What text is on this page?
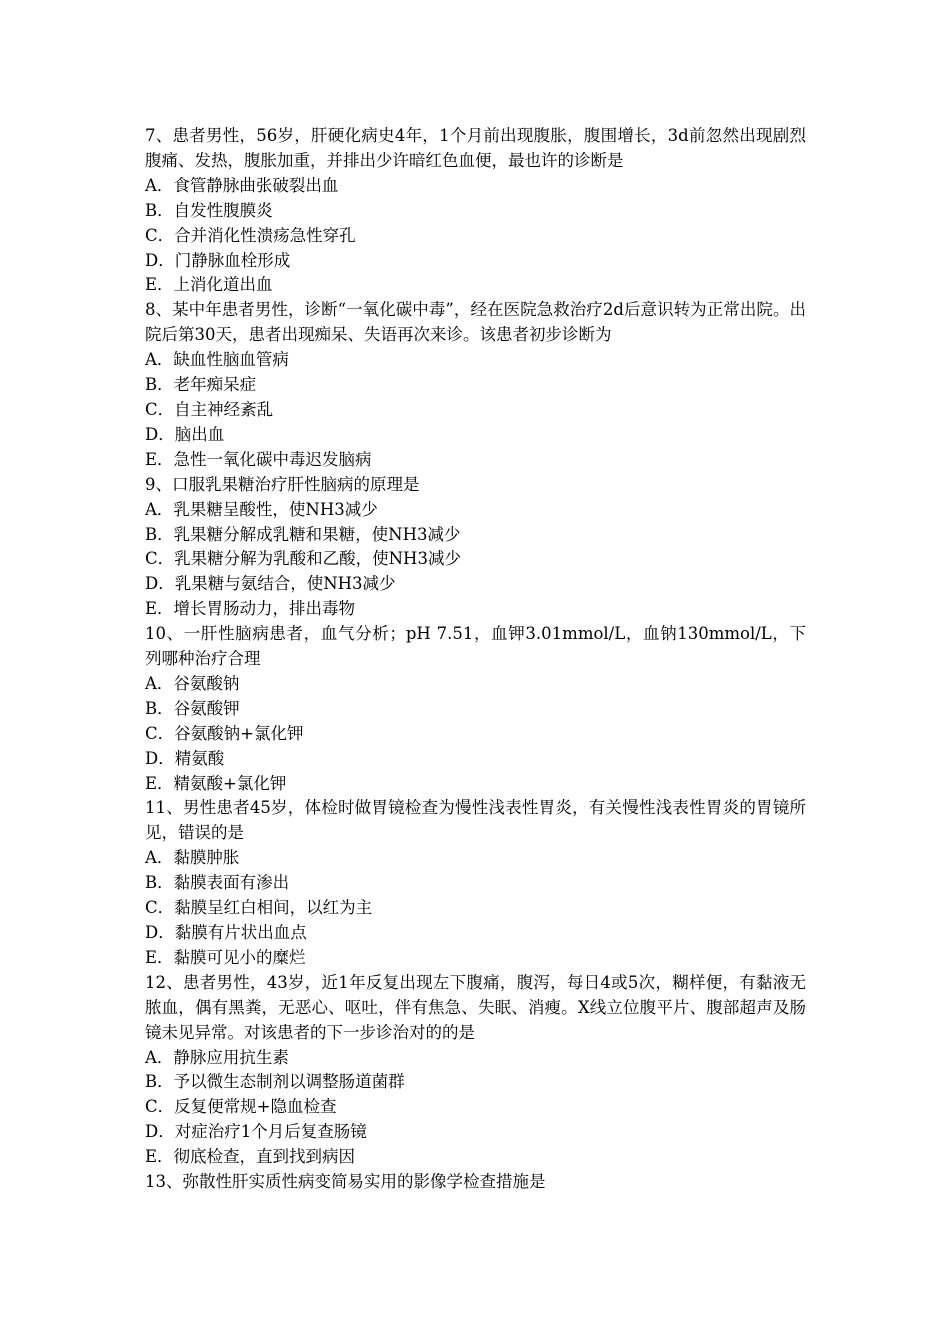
7、患者男性，56岁，肝硬化病史4年，1个月前出现腹胀，腹围增长，3d前忽然出现剧烈腹痛、发热，腹胀加重，并排出少许暗红色血便，最也许的诊断是

A．食管静脉曲张破裂出血

B．自发性腹膜炎

C．合并消化性溃疡急性穿孔

D．门静脉血栓形成

E．上消化道出血

8、某中年患者男性，诊断“一氧化碳中毒”，经在医院急救治疗2d后意识转为正常出院。出院后第30天，患者出现痴呆、失语再次来诊。该患者初步诊断为

A．缺血性脑血管病

B．老年痴呆症

C．自主神经紊乱

D．脑出血

E．急性一氧化碳中毒迟发脑病

9、口服乳果糖治疗肝性脑病的原理是

A．乳果糖呈酸性，使NH3减少

B．乳果糖分解成乳糖和果糖，使NH3减少

C．乳果糖分解为乳酸和乙酸，使NH3减少

D．乳果糖与氨结合，使NH3减少

E．增长胃肠动力，排出毒物

10、一肝性脑病患者，血气分析；pH 7.51，血钾3.01mmol/L，血钠130mmol/L，下列哪种治疗合理

A．谷氨酸钠

B．谷氨酸钾

C．谷氨酸钠+氯化钾

D．精氨酸

E．精氨酸+氯化钾

11、男性患者45岁，体检时做胃镜检查为慢性浅表性胃炎，有关慢性浅表性胃炎的胃镜所见，错误的是

A．黏膜肿胀

B．黏膜表面有渗出

C．黏膜呈红白相间，以红为主

D．黏膜有片状出血点

E．黏膜可见小的糜烂

12、患者男性，43岁，近1年反复出现左下腹痛，腹泻，每日4或5次，糊样便，有黏液无脓血，偶有黑粪，无恶心、呕吐，伴有焦急、失眠、消瘦。X线立位腹平片、腹部超声及肠镜未见异常。对该患者的下一步诊治对的的是

A．静脉应用抗生素

B．予以微生态制剂以调整肠道菌群

C．反复便常规+隐血检查

D．对症治疗1个月后复查肠镜

E．彻底检查，直到找到病因

13、弥散性肝实质性病变简易实用的影像学检查措施是
